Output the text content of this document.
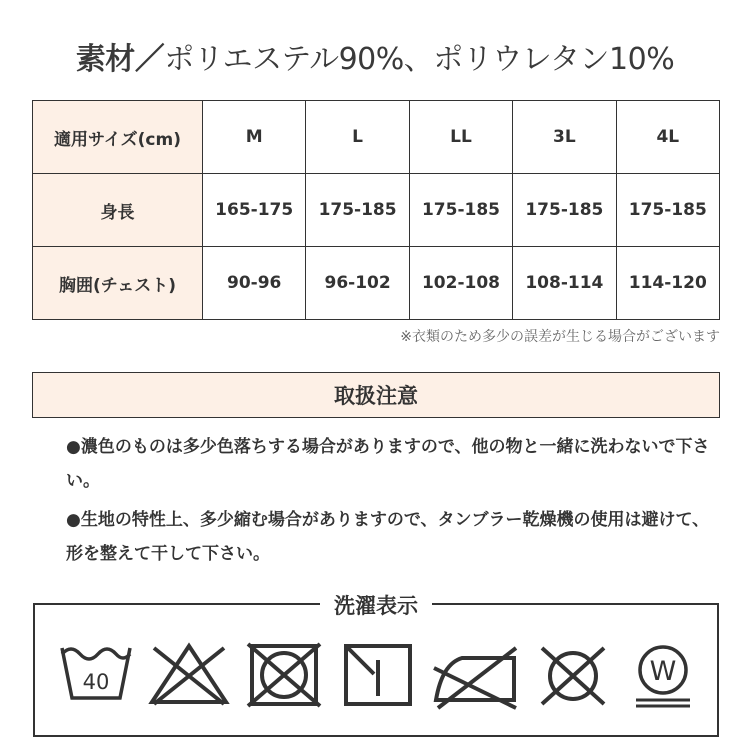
素材／ポリエステル90%、ポリウレタン10%
適用サイズ(cm)	M	L	LL	3L	4L
身長	165-175	175-185	175-185	175-185	175-185
胸囲(チェスト)	90-96	96-102	102-108	108-114	114-120
※衣類のため多少の誤差が生じる場合がございます
取扱注意

●濃色のものは多少色落ちする場合がありますので、他の物と一緒に洗わないで下さい。

●生地の特性上、多少縮む場合がありますので、タンブラー乾燥機の使用は避けて、形を整えて干して下さい。

洗濯表示
40	W
